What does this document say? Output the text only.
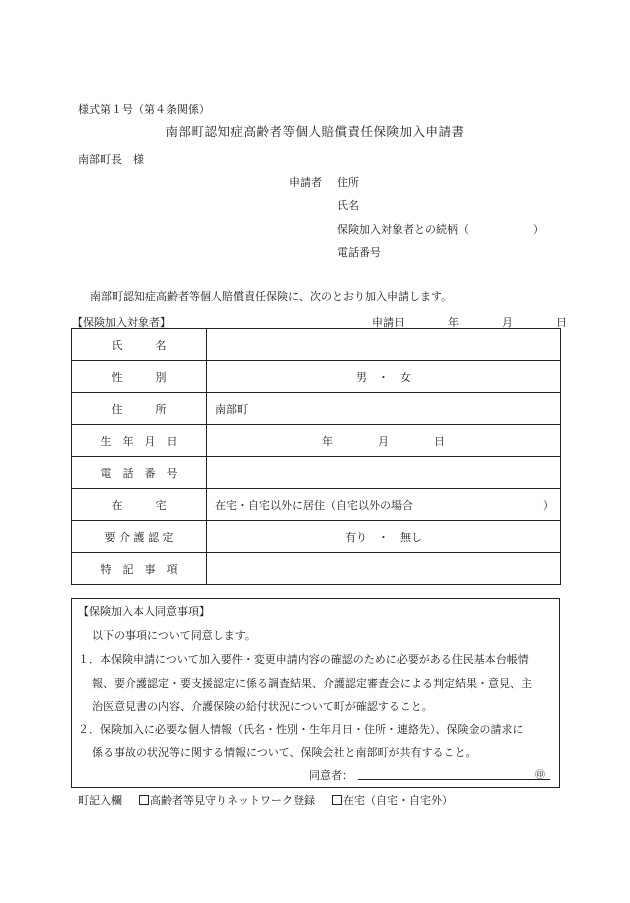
様式第１号（第４条関係）
南部町認知症高齢者等個人賠償責任保険加入申請書
南部町長　様
申請者 住所
氏名
保険加入対象者との続柄（	）
電話番号
南部町認知症高齢者等個人賠償責任保険に、次のとおり加入申請します。
【保険加入対象者】	申請日	年	月	日
氏　　　名	
性　　　別	男　・　女
住　　　所	南部町
生　年　月　日	年 月 日
電　話　番　号	
在　　　宅	在宅・自宅以外に居住（自宅以外の場合 ）

要 介 護 認 定	有り　・　無し
特　記　事　項	
【保険加入本人同意事項】
以下の事項について同意します。
１．本保険申請について加入要件・変更申請内容の確認のために必要がある住民基本台帳情
報、要介護認定・要支援認定に係る調査結果、介護認定審査会による判定結果・意見、主
治医意見書の内容、介護保険の給付状況について町が確認すること。
２．保険加入に必要な個人情報（氏名・性別・生年月日・住所・連絡先）、保険金の請求に
係る事故の状況等に関する情報について、保険会社と南部町が共有すること。
同意者：	㊞
町記入欄	高齢者等見守りネットワーク登録	在宅（自宅・自宅外）
